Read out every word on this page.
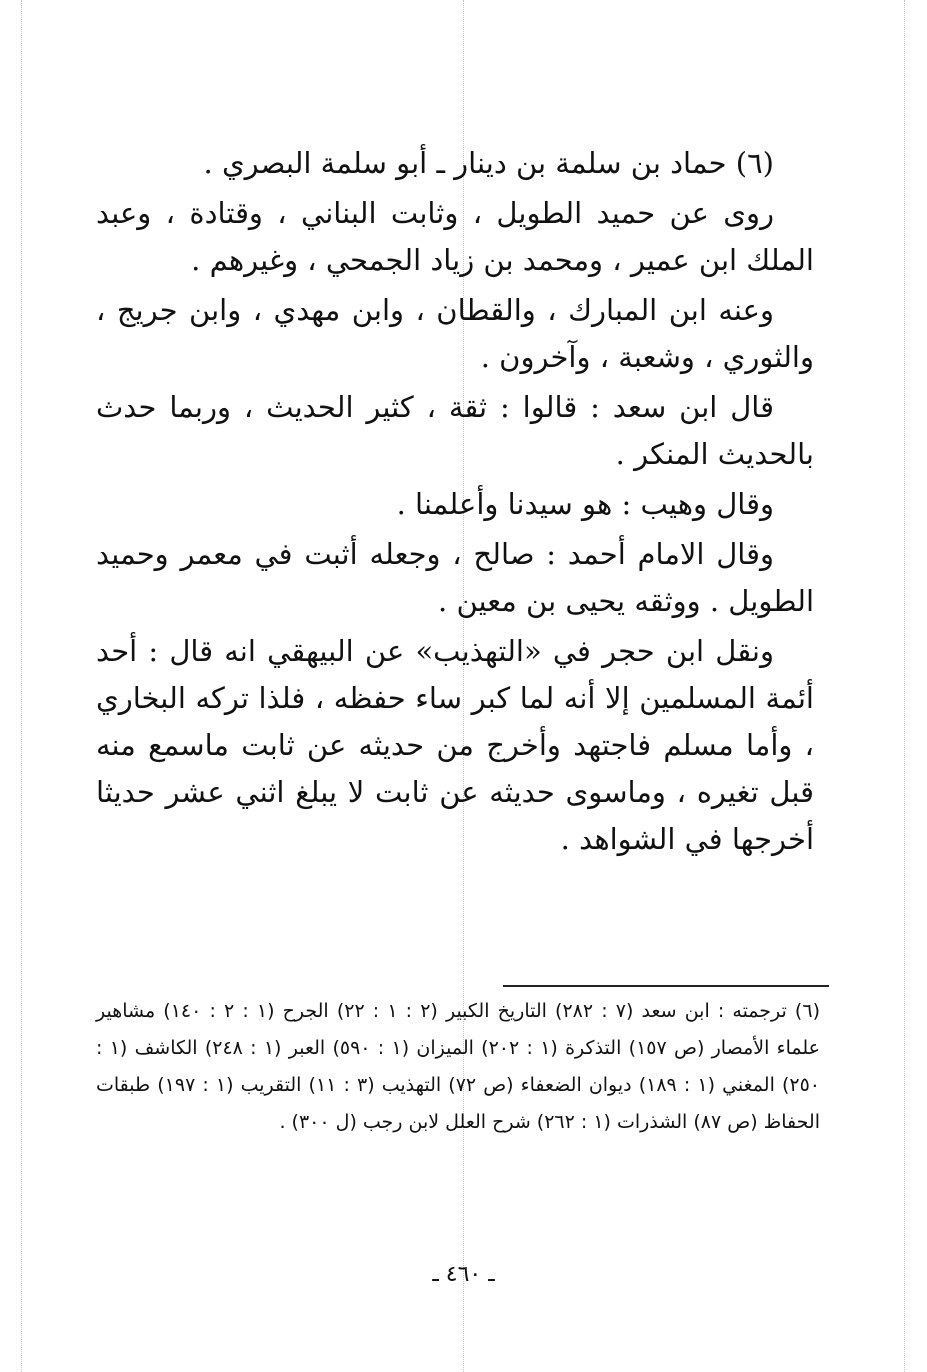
(٦) حماد بن سلمة بن دينار ـ أبو سلمة البصري .

روى عن حميد الطويل ، وثابت البناني ، وقتادة ، وعبد الملك ابن عمير ، ومحمد بن زياد الجمحي ، وغيرهم .

وعنه ابن المبارك ، والقطان ، وابن مهدي ، وابن جريج ، والثوري ، وشعبة ، وآخرون .

قال ابن سعد : قالوا : ثقة ، كثير الحديث ، وربما حدث بالحديث المنكر .

وقال وهيب : هو سيدنا وأعلمنا .

وقال الامام أحمد : صالح ، وجعله أثبت في معمر وحميد الطويل . ووثقه يحيى بن معين .

ونقل ابن حجر في «التهذيب» عن البيهقي انه قال : أحد أئمة المسلمين إلا أنه لما كبر ساء حفظه ، فلذا تركه البخاري ، وأما مسلم فاجتهد وأخرج من حديثه عن ثابت ماسمع منه قبل تغيره ، وماسوى حديثه عن ثابت لا يبلغ اثني عشر حديثا أخرجها في الشواهد .

(٦) ترجمته : ابن سعد (٧ : ٢٨٢) التاريخ الكبير (٢ : ١ : ٢٢) الجرح (١ : ٢ : ١٤٠) مشاهير علماء الأمصار (ص ١٥٧) التذكرة (١ : ٢٠٢) الميزان (١ : ٥٩٠) العبر (١ : ٢٤٨) الكاشف (١ : ٢٥٠) المغني (١ : ١٨٩) ديوان الضعفاء (ص ٧٢) التهذيب (٣ : ١١) التقريب (١ : ١٩٧) طبقات الحفاظ (ص ٨٧) الشذرات (١ : ٢٦٢) شرح العلل لابن رجب (ل ٣٠٠) .

ـ ٤٦٠ ـ
